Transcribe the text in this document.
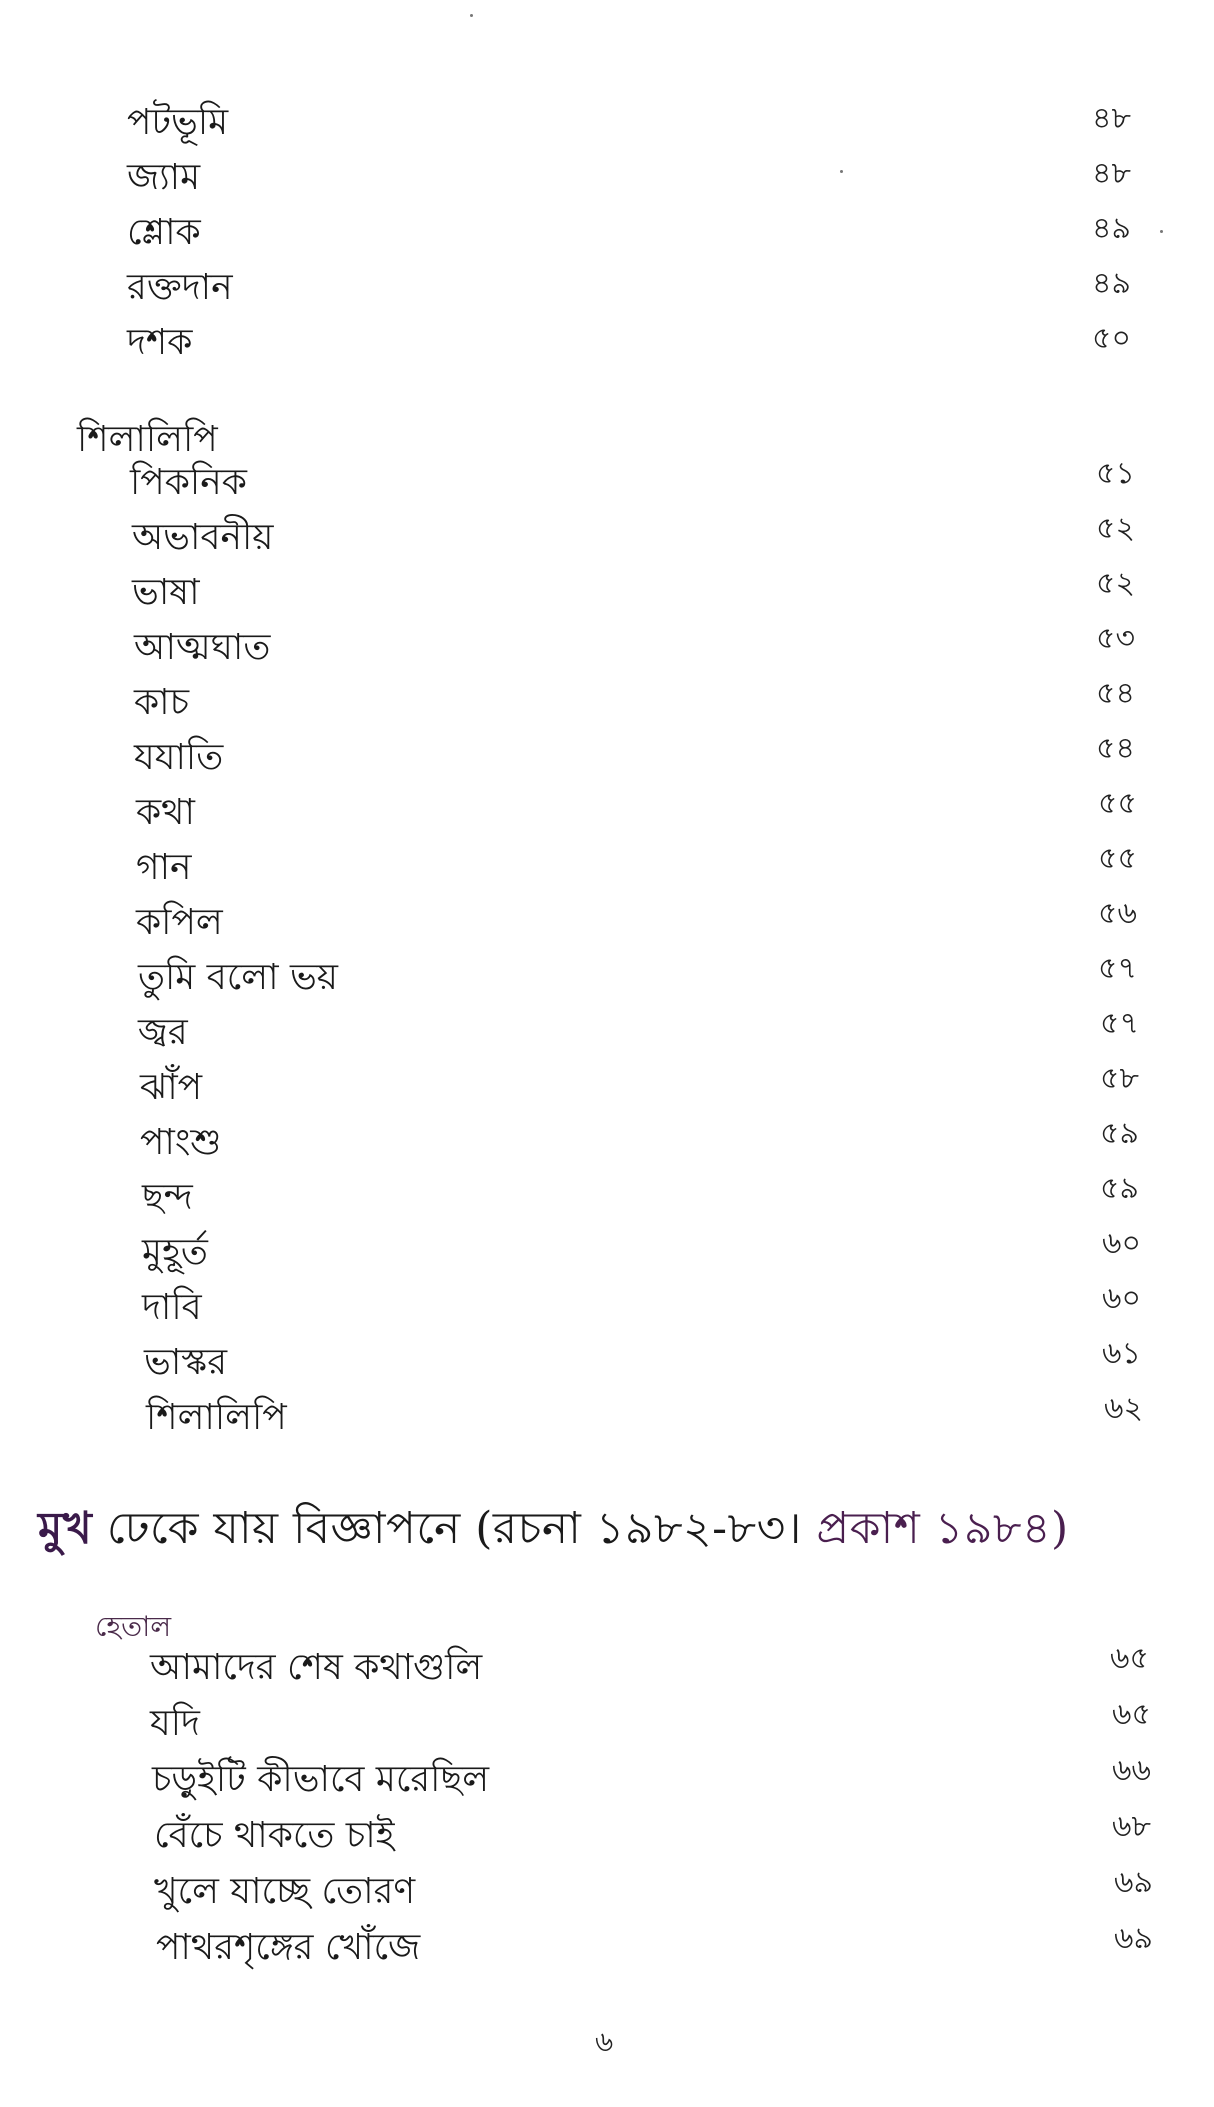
পটভূমি	৪৮
জ্যাম	৪৮
শ্লোক	৪৯
রক্তদান	৪৯
দশক	৫০
শিলালিপি
পিকনিক	৫১
অভাবনীয়	৫২
ভাষা	৫২
আত্মঘাত	৫৩
কাচ	৫৪
যযাতি	৫৪
কথা	৫৫
গান	৫৫
কপিল	৫৬
তুমি বলো ভয়	৫৭
জ্বর	৫৭
ঝাঁপ	৫৮
পাংশু	৫৯
ছন্দ	৫৯
মুহূর্ত	৬০
দাবি	৬০
ভাস্কর	৬১
শিলালিপি	৬২
মুখ ঢেকে যায় বিজ্ঞাপনে (রচনা ১৯৮২-৮৩। প্রকাশ ১৯৮৪)
হেতাল
আমাদের শেষ কথাগুলি	৬৫
যদি	৬৫
চড়ুইটি কীভাবে মরেছিল	৬৬
বেঁচে থাকতে চাই	৬৮
খুলে যাচ্ছে তোরণ	৬৯
পাথরশৃঙ্গের খোঁজে	৬৯
৬
